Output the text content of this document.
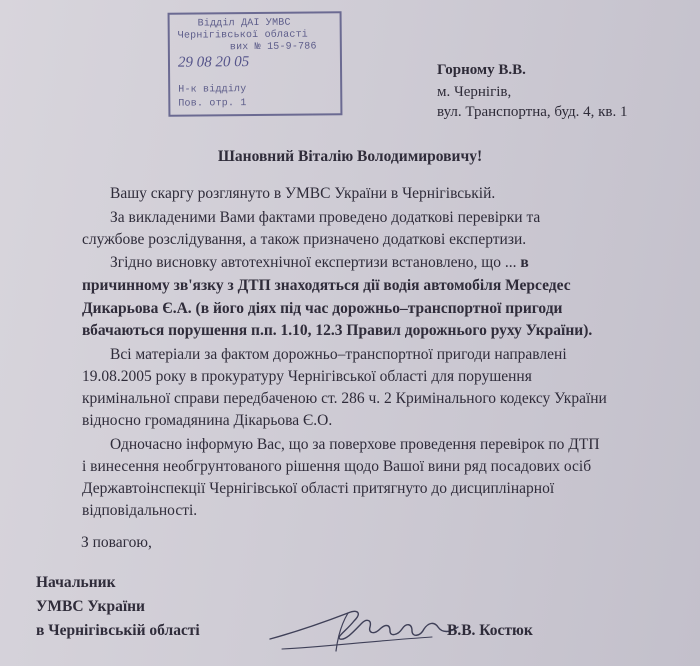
Відділ ДАІ УМВС
Чернігівської області
вих № 15-9-786
29 08 20 05
Н-к відділу
Пов. отр. 1
Горному В.В.
м. Чернігів,
вул. Транспортна, буд. 4, кв. 1
Шановний Віталію Володимировичу!
Вашу скаргу розглянуто в УМВС України в Чернігівській.
За викладеними Вами фактами проведено додаткові перевірки та
службове розслідування, а також призначено додаткові експертизи.
Згідно висновку автотехнічної експертизи встановлено, що ... в
причинному зв'язку з ДТП знаходяться дії водія автомобіля Мерседес
Дикарьова Є.А. (в його діях під час дорожньо–транспортної пригоди
вбачаються порушення п.п. 1.10, 12.3 Правил дорожнього руху України).
Всі матеріали за фактом дорожньо–транспортної пригоди направлені
19.08.2005 року в прокуратуру Чернігівської області для порушення
кримінальної справи передбаченою ст. 286 ч. 2 Кримінального кодексу України
відносно громадянина Дікарьова Є.О.
Одночасно інформую Вас, що за поверхове проведення перевірок по ДТП
і винесення необгрунтованого рішення щодо Вашої вини ряд посадових осіб
Державтоінспекції Чернігівської області притягнуто до дисциплінарної
відповідальності.
З повагою,
Начальник
УМВС України
в Чернігівській області	В.В. Костюк
